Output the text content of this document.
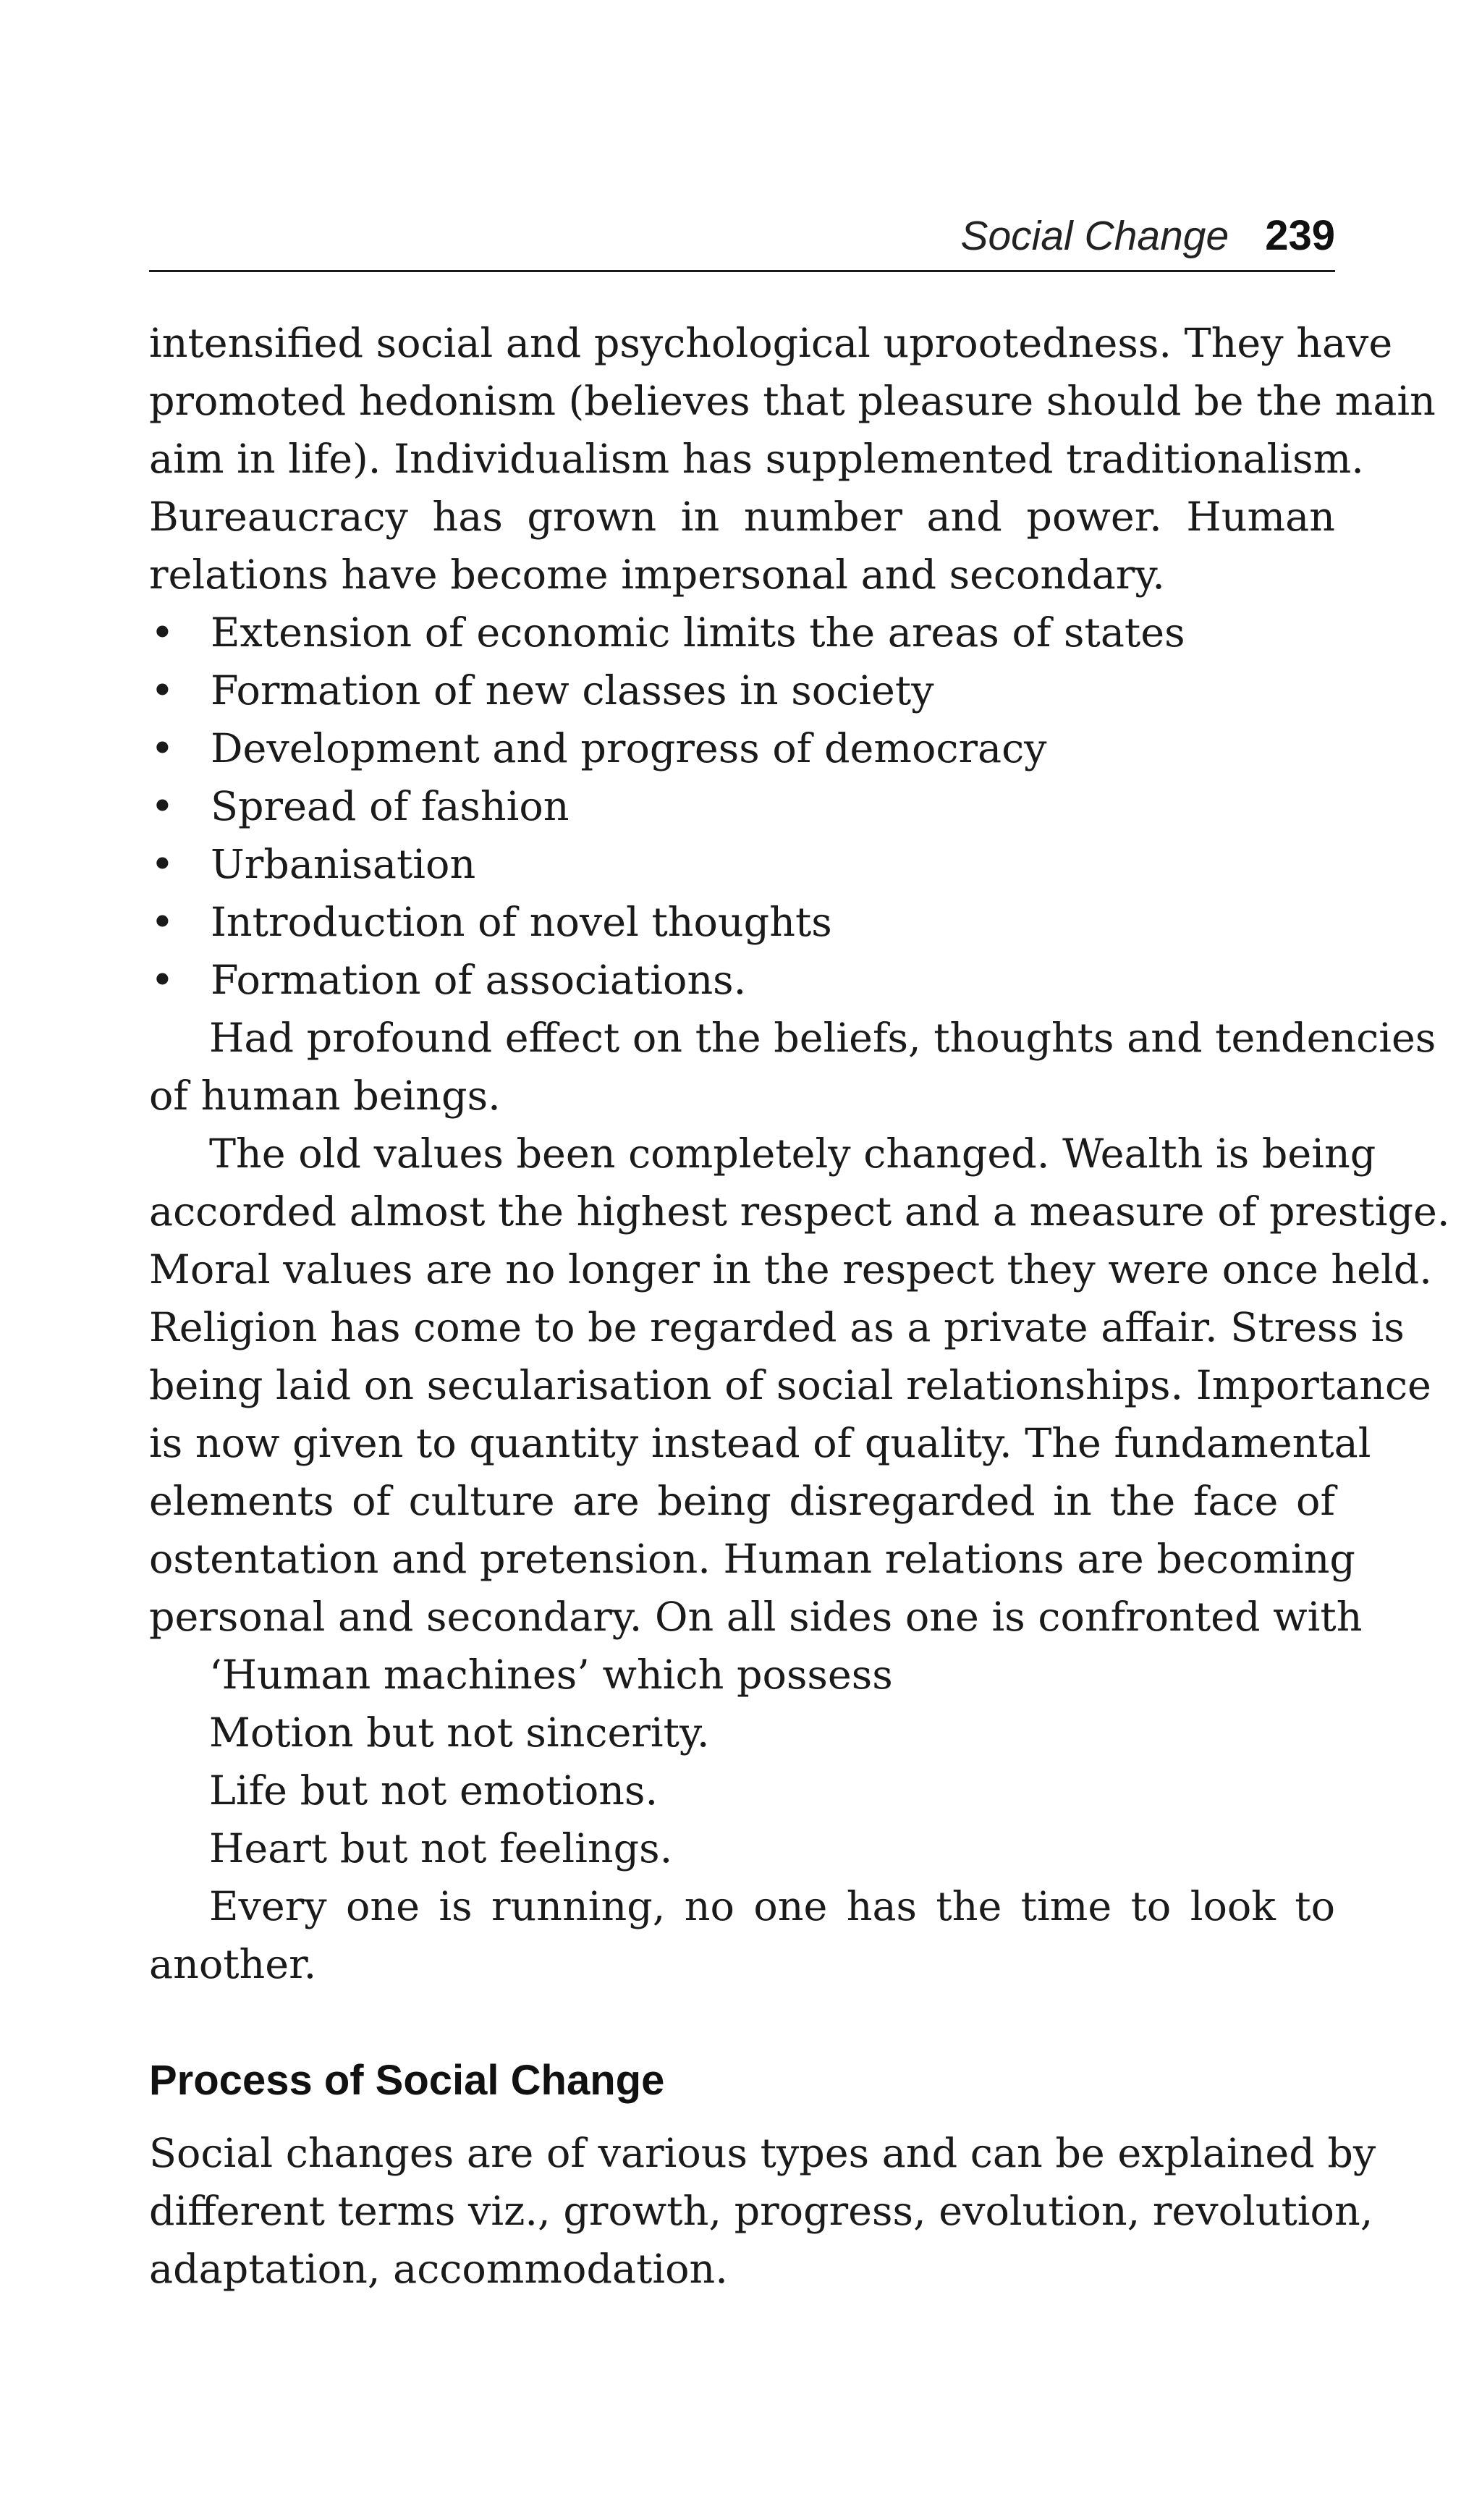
Social Change 239
intensified social and psychological uprootedness. They have
promoted hedonism (believes that pleasure should be the main
aim in life). Individualism has supplemented traditionalism.
Bureaucracy has grown in number and power. Human
relations have become impersonal and secondary.
• Extension of economic limits the areas of states
• Formation of new classes in society
• Development and progress of democracy
• Spread of fashion
• Urbanisation
• Introduction of novel thoughts
• Formation of associations.
Had profound effect on the beliefs, thoughts and tendencies
of human beings.
The old values been completely changed. Wealth is being
accorded almost the highest respect and a measure of prestige.
Moral values are no longer in the respect they were once held.
Religion has come to be regarded as a private affair. Stress is
being laid on secularisation of social relationships. Importance
is now given to quantity instead of quality. The fundamental
elements of culture are being disregarded in the face of
ostentation and pretension. Human relations are becoming
personal and secondary. On all sides one is confronted with
‘Human machines’ which possess
Motion but not sincerity.
Life but not emotions.
Heart but not feelings.
Every one is running, no one has the time to look to
another.
Process of Social Change
Social changes are of various types and can be explained by
different terms viz., growth, progress, evolution, revolution,
adaptation, accommodation.
